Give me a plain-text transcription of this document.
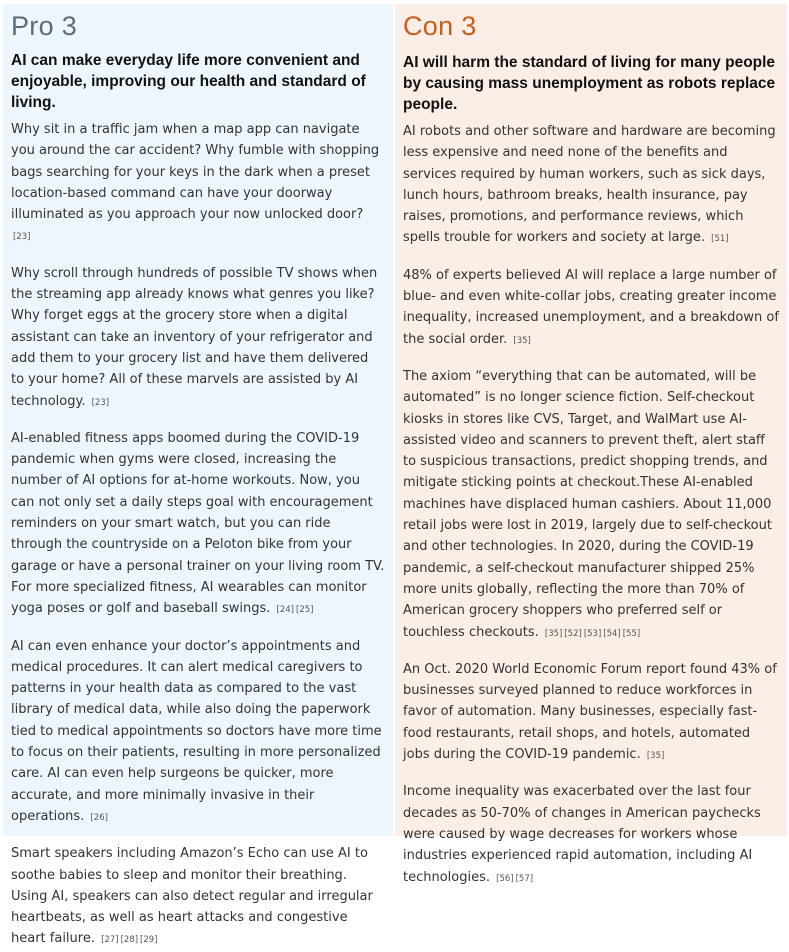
Pro 3
AI can make everyday life more convenient and enjoyable, improving our health and standard of living.

Why sit in a traffic jam when a map app can navigate you around the car accident? Why fumble with shopping bags searching for your keys in the dark when a preset location-based command can have your doorway illuminated as you approach your now unlocked door? [23]

Why scroll through hundreds of possible TV shows when the streaming app already knows what genres you like? Why forget eggs at the grocery store when a digital assistant can take an inventory of your refrigerator and add them to your grocery list and have them delivered to your home? All of these marvels are assisted by AI technology. [23]

AI-enabled fitness apps boomed during the COVID-19 pandemic when gyms were closed, increasing the number of AI options for at-home workouts. Now, you can not only set a daily steps goal with encouragement reminders on your smart watch, but you can ride through the countryside on a Peloton bike from your garage or have a personal trainer on your living room TV. For more specialized fitness, AI wearables can monitor yoga poses or golf and baseball swings. [24] [25]

AI can even enhance your doctor’s appointments and medical procedures. It can alert medical caregivers to patterns in your health data as compared to the vast library of medical data, while also doing the paperwork tied to medical appointments so doctors have more time to focus on their patients, resulting in more personalized care. AI can even help surgeons be quicker, more accurate, and more minimally invasive in their operations. [26]

Smart speakers including Amazon’s Echo can use AI to soothe babies to sleep and monitor their breathing. Using AI, speakers can also detect regular and irregular heartbeats, as well as heart attacks and congestive heart failure. [27] [28] [29]

Con 3
AI will harm the standard of living for many people by causing mass unemployment as robots replace people.

AI robots and other software and hardware are becoming less expensive and need none of the benefits and services required by human workers, such as sick days, lunch hours, bathroom breaks, health insurance, pay raises, promotions, and performance reviews, which spells trouble for workers and society at large. [51]

48% of experts believed AI will replace a large number of blue- and even white-collar jobs, creating greater income inequality, increased unemployment, and a breakdown of the social order. [35]

The axiom “everything that can be automated, will be automated” is no longer science fiction. Self-checkout kiosks in stores like CVS, Target, and WalMart use AI-assisted video and scanners to prevent theft, alert staff to suspicious transactions, predict shopping trends, and mitigate sticking points at checkout.These AI-enabled machines have displaced human cashiers. About 11,000 retail jobs were lost in 2019, largely due to self-checkout and other technologies. In 2020, during the COVID-19 pandemic, a self-checkout manufacturer shipped 25% more units globally, reflecting the more than 70% of American grocery shoppers who preferred self or touchless checkouts. [35] [52] [53] [54] [55]

An Oct. 2020 World Economic Forum report found 43% of businesses surveyed planned to reduce workforces in favor of automation. Many businesses, especially fast-food restaurants, retail shops, and hotels, automated jobs during the COVID-19 pandemic. [35]

Income inequality was exacerbated over the last four decades as 50-70% of changes in American paychecks were caused by wage decreases for workers whose industries experienced rapid automation, including AI technologies. [56] [57]
